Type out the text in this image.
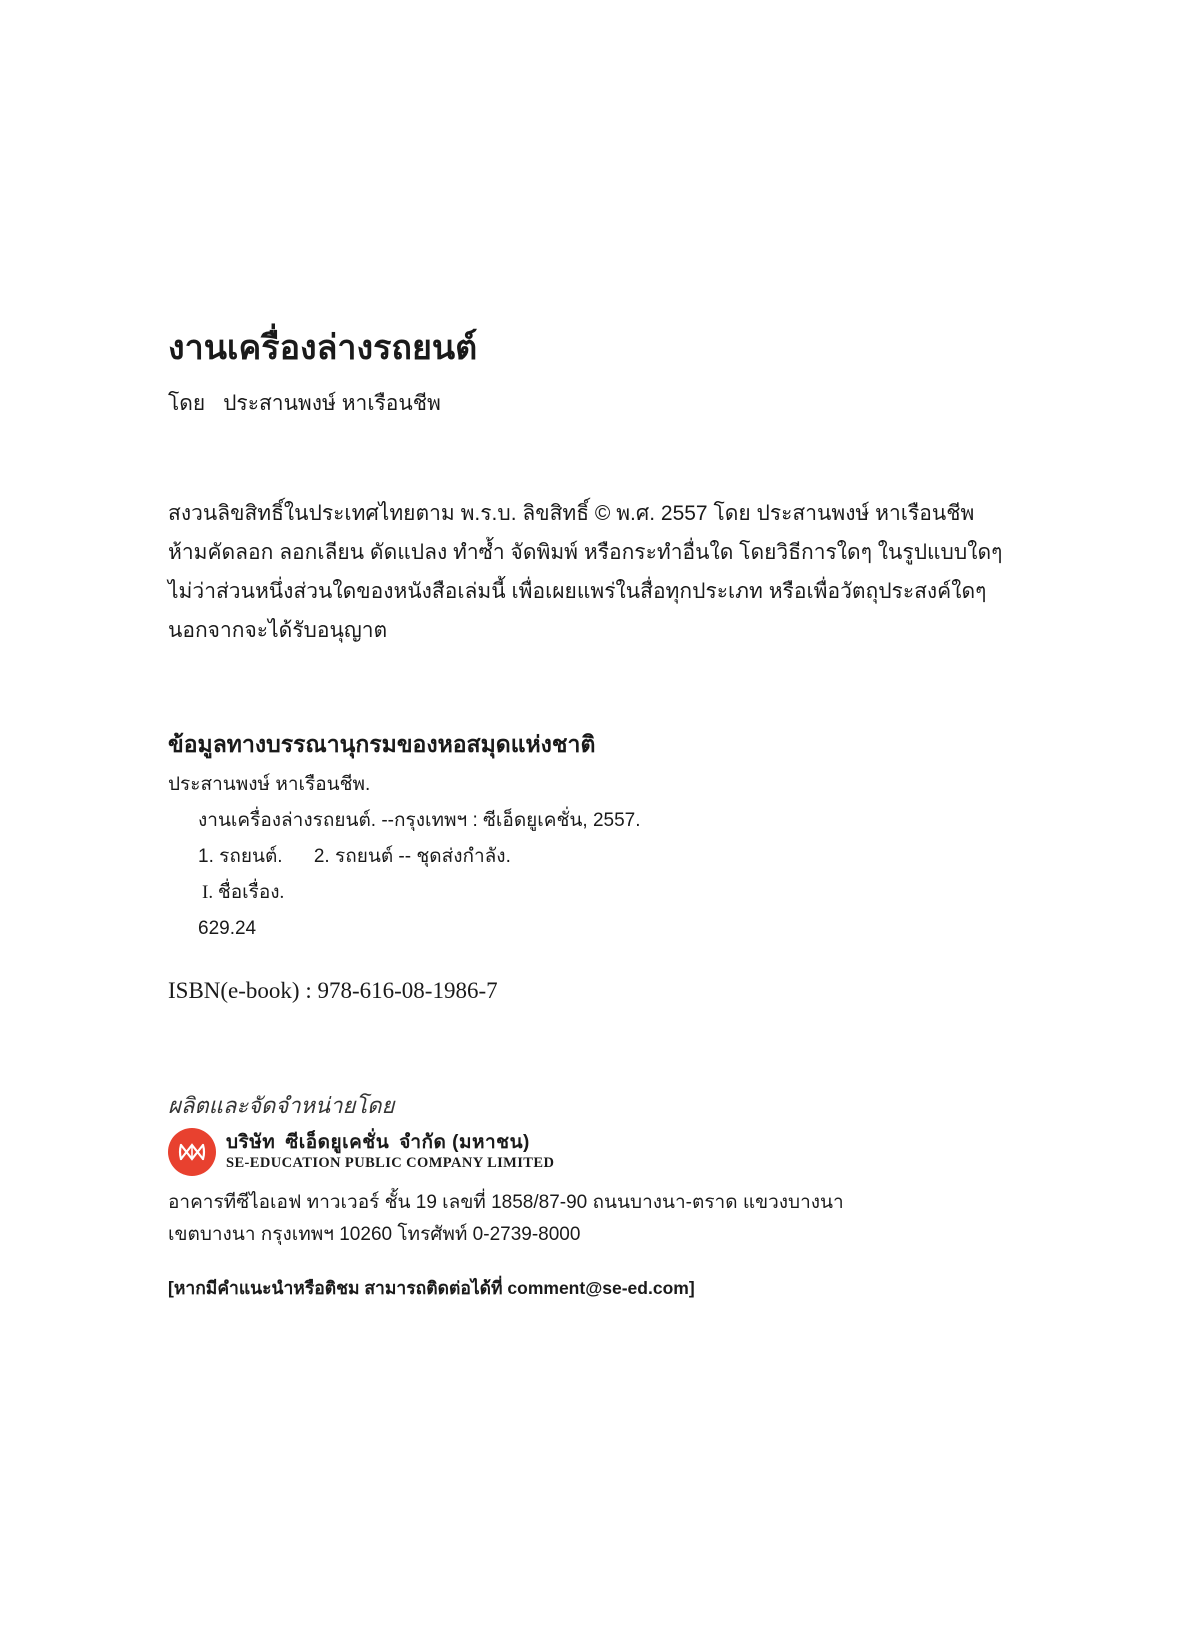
งานเครื่องล่างรถยนต์
โดย ประสานพงษ์ หาเรือนชีพ
สงวนลิขสิทธิ์ในประเทศไทยตาม พ.ร.บ. ลิขสิทธิ์ © พ.ศ. 2557 โดย ประสานพงษ์ หาเรือนชีพ
ห้ามคัดลอก ลอกเลียน ดัดแปลง ทำซ้ำ จัดพิมพ์ หรือกระทำอื่นใด โดยวิธีการใดๆ ในรูปแบบใดๆ
ไม่ว่าส่วนหนึ่งส่วนใดของหนังสือเล่มนี้ เพื่อเผยแพร่ในสื่อทุกประเภท หรือเพื่อวัตถุประสงค์ใดๆ
นอกจากจะได้รับอนุญาต
ข้อมูลทางบรรณานุกรมของหอสมุดแห่งชาติ
ประสานพงษ์ หาเรือนชีพ.
งานเครื่องล่างรถยนต์. --กรุงเทพฯ : ซีเอ็ดยูเคชั่น, 2557.
1. รถยนต์. 2. รถยนต์ -- ชุดส่งกำลัง.
I. ชื่อเรื่อง.
629.24
ISBN(e-book) : 978-616-08-1986-7
ผลิตและจัดจำหน่ายโดย
บริษัท ซีเอ็ดยูเคชั่น จำกัด (มหาชน)
SE-EDUCATION PUBLIC COMPANY LIMITED
อาคารทีซีไอเอฟ ทาวเวอร์ ชั้น 19 เลขที่ 1858/87-90 ถนนบางนา-ตราด แขวงบางนา
เขตบางนา กรุงเทพฯ 10260 โทรศัพท์ 0-2739-8000
[หากมีคำแนะนำหรือติชม สามารถติดต่อได้ที่ comment@se-ed.com]
